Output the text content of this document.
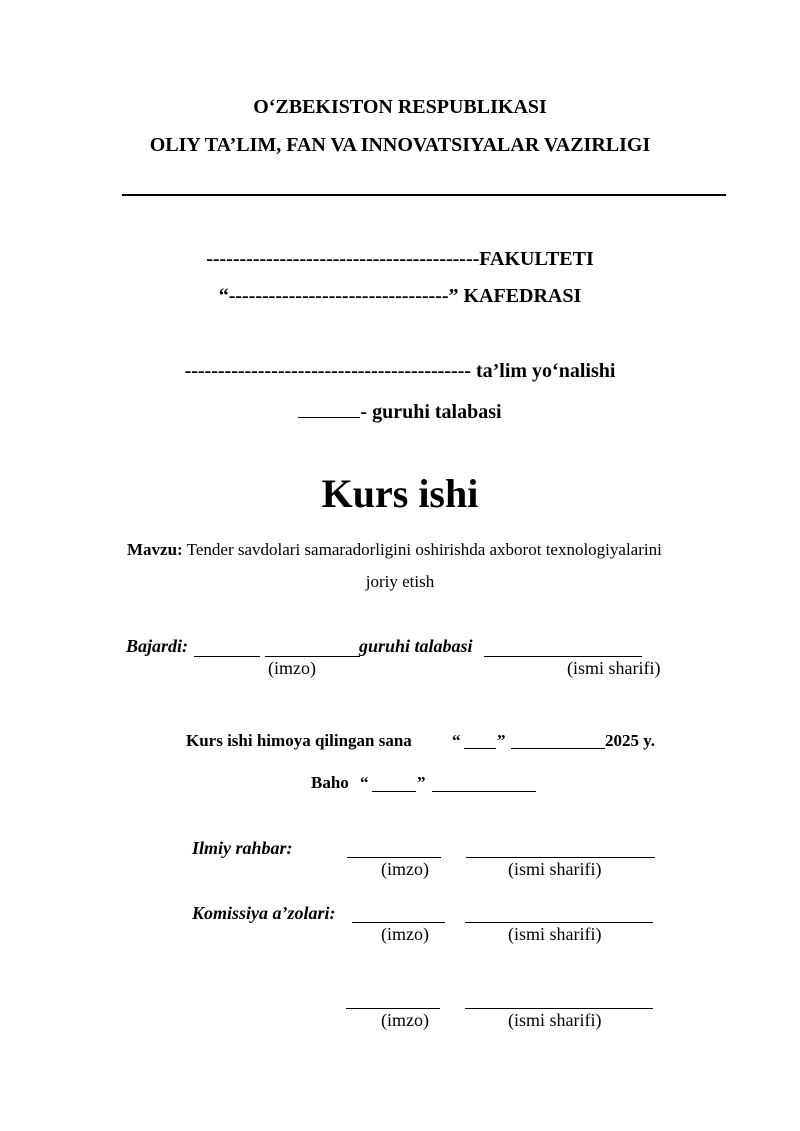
O‘ZBEKISTON RESPUBLIKASI
OLIY TA’LIM, FAN VA INNOVATSIYALAR VAZIRLIGI
-----------------------------------------FAKULTETI
“---------------------------------” KAFEDRASI
------------------------------------------- ta’lim yo‘nalishi
- guruhi talabasi
Kurs ishi
Mavzu: Tender savdolari samaradorligini oshirishda axborot texnologiyalarini
joriy etish
Bajardi:	guruhi talabasi
(imzo)	(ismi sharifi)
Kurs ishi himoya qilingan sana “ ”	2025 y.
Baho “	”
Ilmiy rahbar:
(imzo)	(ismi sharifi)
Komissiya a’zolari:
(imzo)	(ismi sharifi)
(imzo)	(ismi sharifi)
